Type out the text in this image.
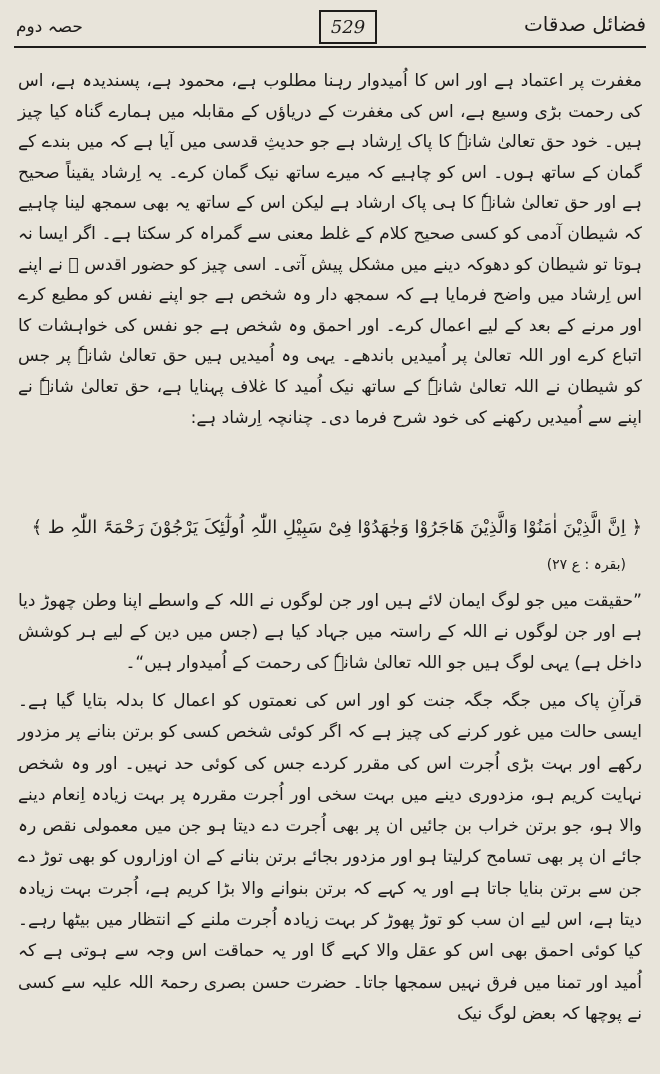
حصہ دوم	529	فضائل صدقات

مغفرت پر اعتماد ہے اور اس کا اُمیدوار رہنا مطلوب ہے، محمود ہے، پسندیدہ ہے، اس کی رحمت بڑی وسیع ہے، اس کی مغفرت کے دریاؤں کے مقابلہ میں ہمارے گناہ کیا چیز ہیں۔ خود حق تعالیٰ شانہٗ کا پاک اِرشاد ہے جو حدیثِ قدسی میں آیا ہے کہ میں بندے کے گمان کے ساتھ ہوں۔ اس کو چاہیے کہ میرے ساتھ نیک گمان کرے۔ یہ اِرشاد یقیناً صحیح ہے اور حق تعالیٰ شانہٗ کا ہی پاک ارشاد ہے لیکن اس کے ساتھ یہ بھی سمجھ لینا چاہیے کہ شیطان آدمی کو کسی صحیح کلام کے غلط معنی سے گمراہ کر سکتا ہے۔ اگر ایسا نہ ہوتا تو شیطان کو دھوکہ دینے میں مشکل پیش آتی۔ اسی چیز کو حضور اقدس ﷺ نے اپنے اس اِرشاد میں واضح فرمایا ہے کہ سمجھ دار وہ شخص ہے جو اپنے نفس کو مطیع کرے اور مرنے کے بعد کے لیے اعمال کرے۔ اور احمق وہ شخص ہے جو نفس کی خواہشات کا اتباع کرے اور اللہ تعالیٰ پر اُمیدیں باندھے۔ یہی وہ اُمیدیں ہیں حق تعالیٰ شانہٗ پر جس کو شیطان نے اللہ تعالیٰ شانہٗ کے ساتھ نیک اُمید کا غلاف پہنایا ہے، حق تعالیٰ شانہٗ نے اپنے سے اُمیدیں رکھنے کی خود شرح فرما دی۔ چنانچہ اِرشاد ہے:

﴿ اِنَّ الَّذِیْنَ اٰمَنُوْا وَالَّذِیْنَ ھَاجَرُوْا وَجٰھَدُوْا فِیْ سَبِیْلِ اللّٰہِ اُولٰٓئِکَ یَرْجُوْنَ رَحْمَۃَ اللّٰہِ ط ﴾ (بقرہ : ع ۲۷)
”حقیقت میں جو لوگ ایمان لائے ہیں اور جن لوگوں نے اللہ کے واسطے اپنا وطن چھوڑ دیا ہے اور جن لوگوں نے اللہ کے راستہ میں جہاد کیا ہے (جس میں دین کے لیے ہر کوشش داخل ہے) یہی لوگ ہیں جو اللہ تعالیٰ شانہٗ کی رحمت کے اُمیدوار ہیں“۔
قرآنِ پاک میں جگہ جگہ جنت کو اور اس کی نعمتوں کو اعمال کا بدلہ بتایا گیا ہے۔ ایسی حالت میں غور کرنے کی چیز ہے کہ اگر کوئی شخص کسی کو برتن بنانے پر مزدور رکھے اور بہت بڑی اُجرت اس کی مقرر کردے جس کی کوئی حد نہیں۔ اور وہ شخص نہایت کریم ہو، مزدوری دینے میں بہت سخی اور اُجرت مقررہ پر بہت زیادہ اِنعام دینے والا ہو، جو برتن خراب بن جائیں ان پر بھی اُجرت دے دیتا ہو جن میں معمولی نقص رہ جائے ان پر بھی تسامح کرلیتا ہو اور مزدور بجائے برتن بنانے کے ان اوزاروں کو بھی توڑ دے جن سے برتن بنایا جاتا ہے اور یہ کہے کہ برتن بنوانے والا بڑا کریم ہے، اُجرت بہت زیادہ دیتا ہے، اس لیے ان سب کو توڑ پھوڑ کر بہت زیادہ اُجرت ملنے کے انتظار میں بیٹھا رہے۔ کیا کوئی احمق بھی اس کو عقل والا کہے گا اور یہ حماقت اس وجہ سے ہوتی ہے کہ اُمید اور تمنا میں فرق نہیں سمجھا جاتا۔ حضرت حسن بصری رحمۃ اللہ علیہ سے کسی نے پوچھا کہ بعض لوگ نیک
